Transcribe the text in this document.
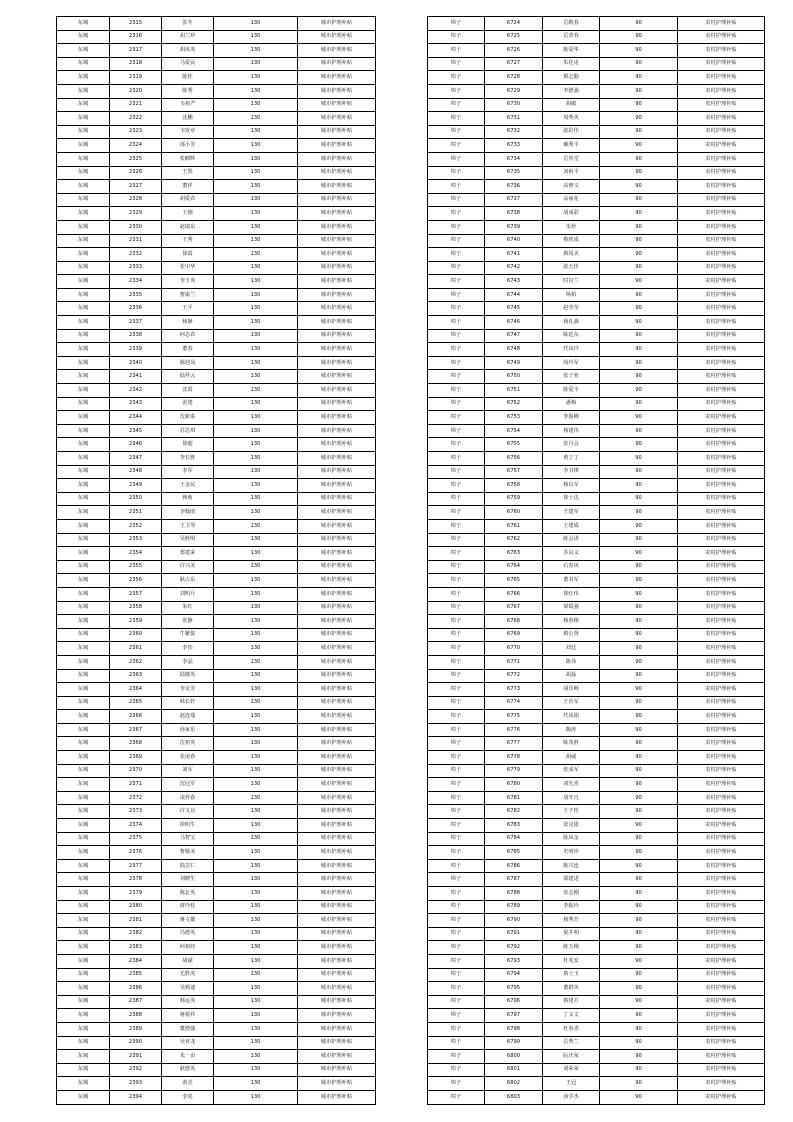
东城	2315	张冬	130	城市护理补贴
东城	2316	胡兰珍	130	城市护理补贴
东城	2317	胡凤英	130	城市护理补贴
东城	2318	马爱民	130	城市护理补贴
东城	2319	陈桂	130	城市护理补贴
东城	2320	陈秀	130	城市护理补贴
东城	2321	韦祖严	130	城市护理补贴
东城	2322	沈鹏	130	城市护理补贴
东城	2323	韦发章	130	城市护理补贴
东城	2324	邵小芳	130	城市护理补贴
东城	2325	张麒辉	130	城市护理补贴
东城	2326	王凯	130	城市护理补贴
东城	2327	董祥	130	城市护理补贴
东城	2328	胡爱农	130	城市护理补贴
东城	2329	王刚	130	城市护理补贴
东城	2330	赵瑞东	130	城市护理补贴
东城	2331	王秀	130	城市护理补贴
东城	2332	徐霞	130	城市护理补贴
东城	2333	张中华	130	城市护理补贴
东城	2334	李玉英	130	城市护理补贴
东城	2335	曹康兰	130	城市护理补贴
东城	2336	王平	130	城市护理补贴
东城	2337	杨静	130	城市护理补贴
东城	2338	何志农	130	城市护理补贴
东城	2339	董春	130	城市护理补贴
东城	2340	陈迎凤	130	城市护理补贴
东城	2341	陆祥云	130	城市护理补贴
东城	2342	沈霞	130	城市护理补贴
东城	2343	张建	130	城市护理补贴
东城	2344	沈新泰	130	城市护理补贴
东城	2345	苏思琪	130	城市护理补贴
东城	2346	徐超	130	城市护理补贴
东城	2347	李长胜	130	城市护理补贴
东城	2348	李军	130	城市护理补贴
东城	2349	王金民	130	城市护理补贴
东城	2350	蒋莉	130	城市护理补贴
东城	2351	李翰雨	130	城市护理补贴
东城	2352	王卫琴	130	城市护理补贴
东城	2353	吴胜明	130	城市护理补贴
东城	2354	郑建来	130	城市护理补贴
东城	2355	许兴美	130	城市护理补贴
东城	2356	耿占东	130	城市护理补贴
东城	2357	刘明月	130	城市护理补贴
东城	2358	朱红	130	城市护理补贴
东城	2359	张静	130	城市护理补贴
东城	2360	牛繁悦	130	城市护理补贴
东城	2361	李伟	130	城市护理补贴
东城	2362	李晶	130	城市护理补贴
东城	2363	陆敬英	130	城市护理补贴
东城	2364	李金芳	130	城市护理补贴
东城	2365	韩长轩	130	城市护理补贴
东城	2366	赵连瑞	130	城市护理补贴
东城	2367	孙家乐	130	城市护理补贴
东城	2368	沈祖英	130	城市护理补贴
东城	2369	张凌春	130	城市护理补贴
东城	2370	刘军	130	城市护理补贴
东城	2371	沈冠军	130	城市护理补贴
东城	2372	凌祥春	130	城市护理补贴
东城	2373	许文良	130	城市护理补贴
东城	2374	徐明生	130	城市护理补贴
东城	2375	马智宝	130	城市护理补贴
东城	2376	曹敬美	130	城市护理补贴
东城	2377	陆芸仁	130	城市护理补贴
东城	2378	刘晓生	130	城市护理补贴
东城	2379	陈北英	130	城市护理补贴
东城	2380	唐玲桂	130	城市护理补贴
东城	2381	蒋文都	130	城市护理补贴
东城	2382	冯德英	130	城市护理补贴
东城	2383	何祖经	130	城市护理补贴
东城	2384	胡斌	130	城市护理补贴
东城	2385	尤胜虎	130	城市护理补贴
东城	2386	吴莉迪	130	城市护理补贴
东城	2387	韩运英	130	城市护理补贴
东城	2388	蒋根祥	130	城市护理补贴
东城	2389	董德强	130	城市护理补贴
东城	2390	吴亚龙	130	城市护理补贴
东城	2391	朱一贞	130	城市护理补贴
东城	2392	耿德英	130	城市护理补贴
东城	2393	黄竞	130	城市护理补贴
东城	2394	李虎	130	城市护理补贴
埠子	6724	岳殿春	90	农村护理补贴
埠子	6725	岳善春	90	农村护理补贴
埠子	6726	陈爱华	90	农村护理补贴
埠子	6727	朱化见	90	农村护理补贴
埠子	6728	蔡志勤	90	农村护理补贴
埠子	6729	李德强	90	农村护理补贴
埠子	6730	胡敏	90	农村护理补贴
埠子	6731	周秀英	90	农村护理补贴
埠子	6732	张彩伟	90	农村护理补贴
埠子	6733	戴秀平	90	农村护理补贴
埠子	6734	岳喜堂	90	农村护理补贴
埠子	6735	刘祖平	90	农村护理补贴
埠子	6736	高修文	90	农村护理补贴
埠子	6737	高丽花	90	农村护理补贴
埠子	6738	胡成彩	90	农村护理补贴
埠子	6739	朱珍	90	农村护理补贴
埠子	6740	蔡欣成	90	农村护理补贴
埠子	6741	蔡同美	90	农村护理补贴
埠子	6742	张天佳	90	农村护理补贴
埠子	6743	时良兰	90	农村护理补贴
埠子	6744	杨柏	90	农村护理补贴
埠子	6745	赵莹莹	90	农村护理补贴
埠子	6746	杨礼强	90	农村护理补贴
埠子	6747	陈廷东	90	农村护理补贴
埠子	6748	代凤玲	90	农村护理补贴
埠子	6749	尚玲军	90	农村护理补贴
埠子	6750	张子亚	90	农村护理补贴
埠子	6751	陈爱平	90	农村护理补贴
埠子	6752	潘梅	90	农村护理补贴
埠子	6753	李海峰	90	农村护理补贴
埠子	6754	杨建伟	90	农村护理补贴
埠子	6755	张丹会	90	农村护理补贴
埠子	6756	黄丁丁	90	农村护理补贴
埠子	6757	李书棋	90	农村护理补贴
埠子	6758	杨以军	90	农村护理补贴
埠子	6759	徐士达	90	农村护理补贴
埠子	6760	王建军	90	农村护理补贴
埠子	6761	王建成	90	农村护理补贴
埠子	6762	陈会讲	90	农村护理补贴
埠子	6763	苏良义	90	农村护理补贴
埠子	6764	石春风	90	农村护理补贴
埠子	6765	董书军	90	农村护理补贴
埠子	6766	徐红伟	90	农村护理补贴
埠子	6767	梁霞强	90	农村护理补贴
埠子	6768	杨春梅	90	农村护理补贴
埠子	6769	蔡公贤	90	农村护理补贴
埠子	6770	刘廷	90	农村护理补贴
埠子	6771	陈伟	90	农村护理补贴
埠子	6772	胡磊	90	农村护理补贴
埠子	6773	胡乐畅	90	农村护理补贴
埠子	6774	王莅军	90	农村护理补贴
埠子	6775	代凤娟	90	农村护理补贴
埠子	6776	陶涛	90	农村护理补贴
埠子	6777	陈茂胜	90	农村护理补贴
埠子	6778	胡威	90	农村护理补贴
埠子	6779	张成军	90	农村护理补贴
埠子	6780	刘先喜	90	农村护理补贴
埠子	6781	胡开凡	90	农村护理补贴
埠子	6782	王子桂	90	农村护理补贴
埠子	6783	张克银	90	农村护理补贴
埠子	6784	陈凤金	90	农村护理补贴
埠子	6785	史明珍	90	农村护理补贴
埠子	6786	陈兴连	90	农村护理补贴
埠子	6787	邵建进	90	农村护理补贴
埠子	6788	张志刚	90	农村护理补贴
埠子	6789	李振玲	90	农村护理补贴
埠子	6790	杨秀芳	90	农村护理补贴
埠子	6791	倪井明	90	农村护理补贴
埠子	6792	陈玉梅	90	农村护理补贴
埠子	6793	杜兆安	90	农村护理补贴
埠子	6794	蔡士玉	90	农村护理补贴
埠子	6795	董群英	90	农村护理补贴
埠子	6796	蔡建方	90	农村护理补贴
埠子	6797	丁义文	90	农村护理补贴
埠子	6798	杜春香	90	农村护理补贴
埠子	6799	岳秀兰	90	农村护理补贴
埠子	6800	阮庆荣	90	农村护理补贴
埠子	6801	刘荣荣	90	农村护理补贴
埠子	6802	王冠	90	农村护理补贴
埠子	6803	汤学杰	90	农村护理补贴
